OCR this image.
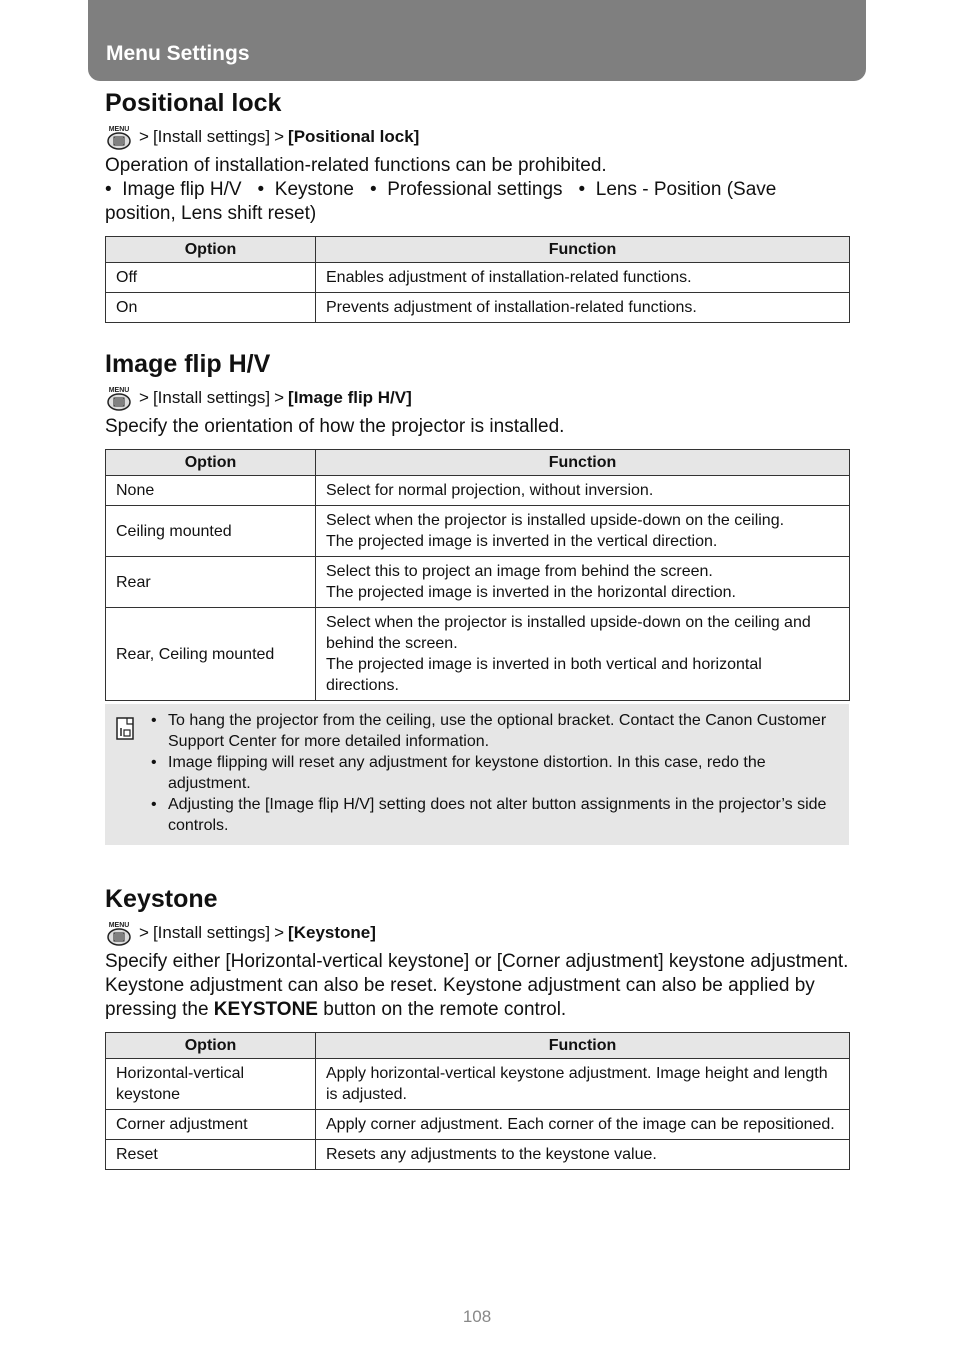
Menu Settings
Positional lock
MENU > [Install settings] > [Positional lock]

Operation of installation-related functions can be prohibited.

•  Image flip H/V •  Keystone •  Professional settings •  Lens - Position (Save position, Lens shift reset)

Option	Function
Off	Enables adjustment of installation-related functions.
On	Prevents adjustment of installation-related functions.
Image flip H/V
MENU > [Install settings] > [Image flip H/V]

Specify the orientation of how the projector is installed.

Option	Function
None	Select for normal projection, without inversion.
Ceiling mounted	Select when the projector is installed upside-down on the ceiling.
The projected image is inverted in the vertical direction.

Rear	Select this to project an image from behind the screen.
The projected image is inverted in the horizontal direction.

Rear, Ceiling mounted	Select when the projector is installed upside-down on the ceiling and behind the screen.
The projected image is inverted in both vertical and horizontal directions.
• To hang the projector from the ceiling, use the optional bracket. Contact the Canon Customer Support Center for more detailed information.
• Image flipping will reset any adjustment for keystone distortion. In this case, redo the adjustment.
• Adjusting the [Image flip H/V] setting does not alter button assignments in the projector’s side controls.
Keystone
MENU > [Install settings] > [Keystone]

Specify either [Horizontal-vertical keystone] or [Corner adjustment] keystone adjustment. Keystone adjustment can also be reset. Keystone adjustment can also be applied by pressing the KEYSTONE button on the remote control.

Option	Function
Horizontal-vertical keystone	Apply horizontal-vertical keystone adjustment. Image height and length is adjusted.
Corner adjustment	Apply corner adjustment. Each corner of the image can be repositioned.
Reset	Resets any adjustments to the keystone value.
108
